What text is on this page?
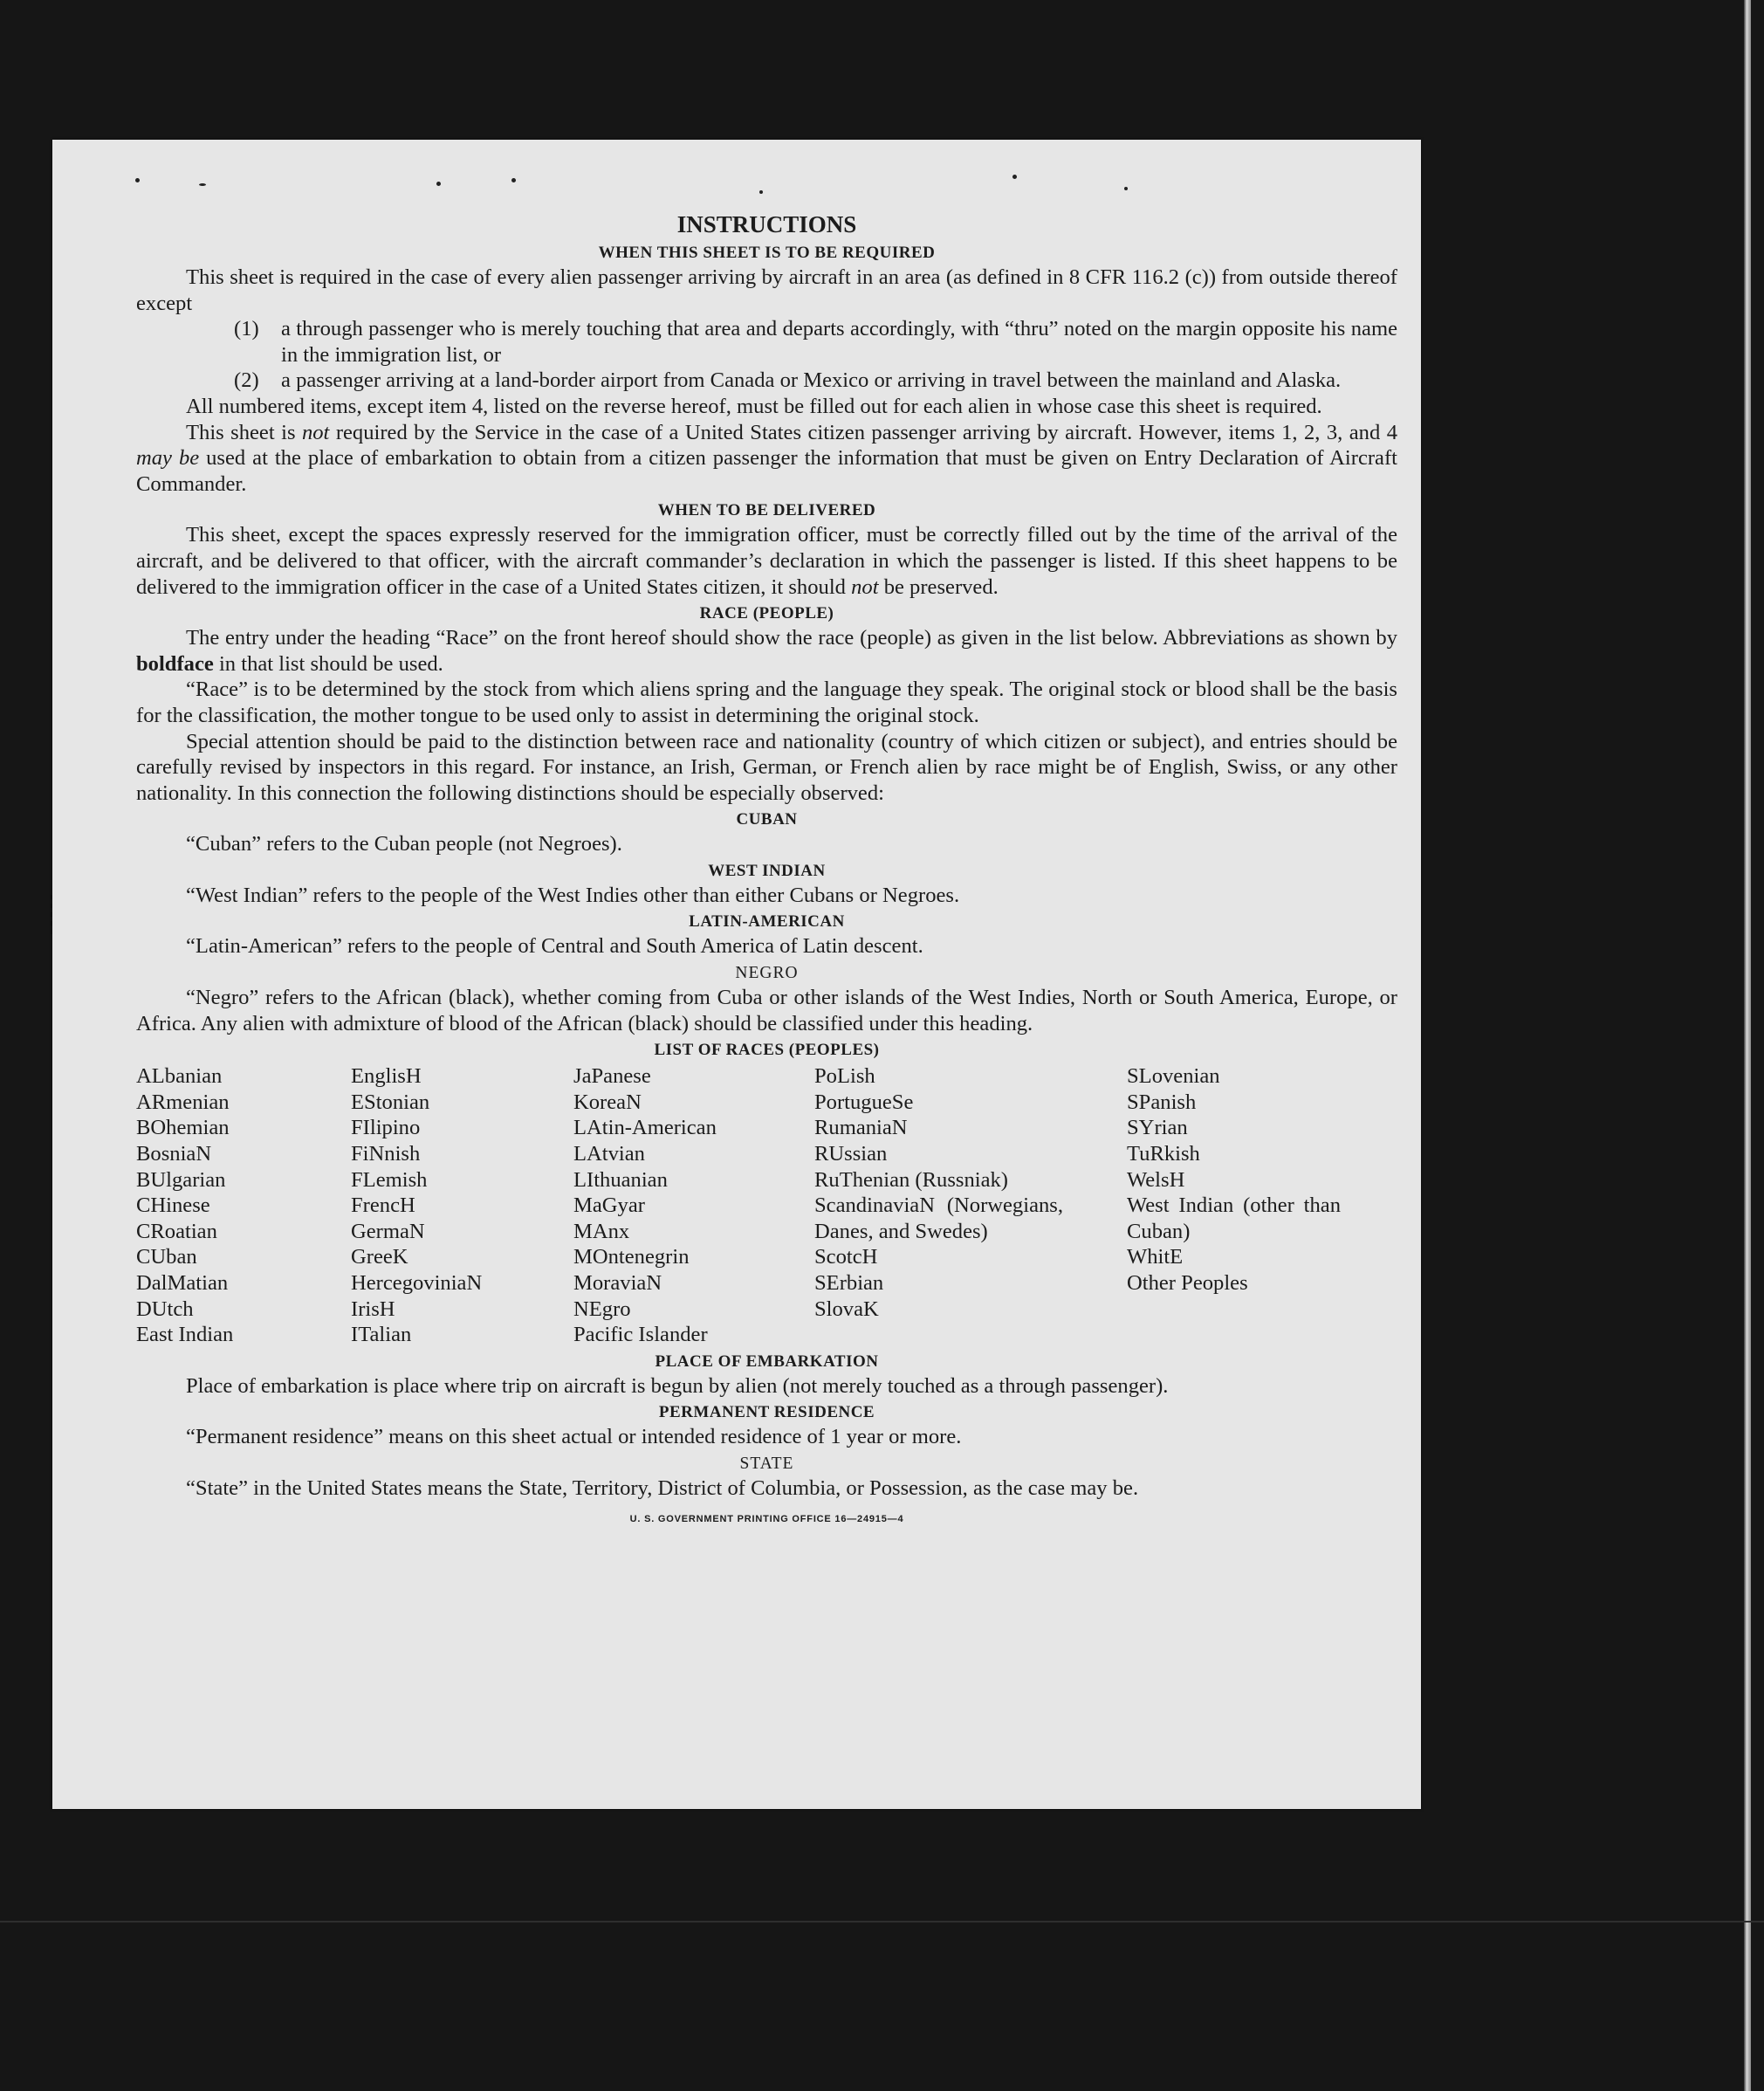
INSTRUCTIONS
WHEN THIS SHEET IS TO BE REQUIRED

This sheet is required in the case of every alien passenger arriving by aircraft in an area (as defined in 8 CFR 116.2 (c)) from outside thereof except

(1)	a through passenger who is merely touching that area and departs accordingly, with “thru” noted on the margin opposite his name in the immigration list, or
(2)	a passenger arriving at a land-border airport from Canada or Mexico or arriving in travel between the mainland and Alaska.

All numbered items, except item 4, listed on the reverse hereof, must be filled out for each alien in whose case this sheet is required.

This sheet is not required by the Service in the case of a United States citizen passenger arriving by aircraft. However, items 1, 2, 3, and 4 may be used at the place of embarkation to obtain from a citizen passenger the information that must be given on Entry Declaration of Aircraft Commander.

WHEN TO BE DELIVERED

This sheet, except the spaces expressly reserved for the immigration officer, must be correctly filled out by the time of the arrival of the aircraft, and be delivered to that officer, with the aircraft commander’s declaration in which the passenger is listed. If this sheet happens to be delivered to the immigration officer in the case of a United States citizen, it should not be preserved.

RACE (PEOPLE)

The entry under the heading “Race” on the front hereof should show the race (people) as given in the list below. Abbreviations as shown by boldface in that list should be used.

“Race” is to be determined by the stock from which aliens spring and the language they speak. The original stock or blood shall be the basis for the classification, the mother tongue to be used only to assist in determining the original stock.

Special attention should be paid to the distinction between race and nationality (country of which citizen or subject), and entries should be carefully revised by inspectors in this regard. For instance, an Irish, German, or French alien by race might be of English, Swiss, or any other nationality. In this connection the following distinctions should be especially observed:

CUBAN

“Cuban” refers to the Cuban people (not Negroes).

WEST INDIAN

“West Indian” refers to the people of the West Indies other than either Cubans or Negroes.

LATIN-AMERICAN

“Latin-American” refers to the people of Central and South America of Latin descent.

NEGRO

“Negro” refers to the African (black), whether coming from Cuba or other islands of the West Indies, North or South America, Europe, or Africa. Any alien with admixture of blood of the African (black) should be classified under this heading.

LIST OF RACES (PEOPLES)
ALbanian
ARmenian
BOhemian
BosniaN
BUlgarian
CHinese
CRoatian
CUban
DalMatian
DUtch
East Indian
EnglisH
EStonian
FIlipino
FiNnish
FLemish
FrencH
GermaN
GreeK
HercegoviniaN
IrisH
ITalian
JaPanese
KoreaN
LAtin-American
LAtvian
LIthuanian
MaGyar
MAnx
MOntenegrin
MoraviaN
NEgro
Pacific Islander
PoLish
PortugueSe
RumaniaN
RUssian
RuThenian (Russniak)
ScandinaviaN (Norwegians, Danes, and Swedes)
ScotcH
SErbian
SlovaK
SLovenian
SPanish
SYrian
TuRkish
WelsH
West Indian (other than Cuban)
WhitE
Other Peoples
PLACE OF EMBARKATION

Place of embarkation is place where trip on aircraft is begun by alien (not merely touched as a through passenger).

PERMANENT RESIDENCE

“Permanent residence” means on this sheet actual or intended residence of 1 year or more.

STATE

“State” in the United States means the State, Territory, District of Columbia, or Possession, as the case may be.

U. S. GOVERNMENT PRINTING OFFICE 16—24915—4
